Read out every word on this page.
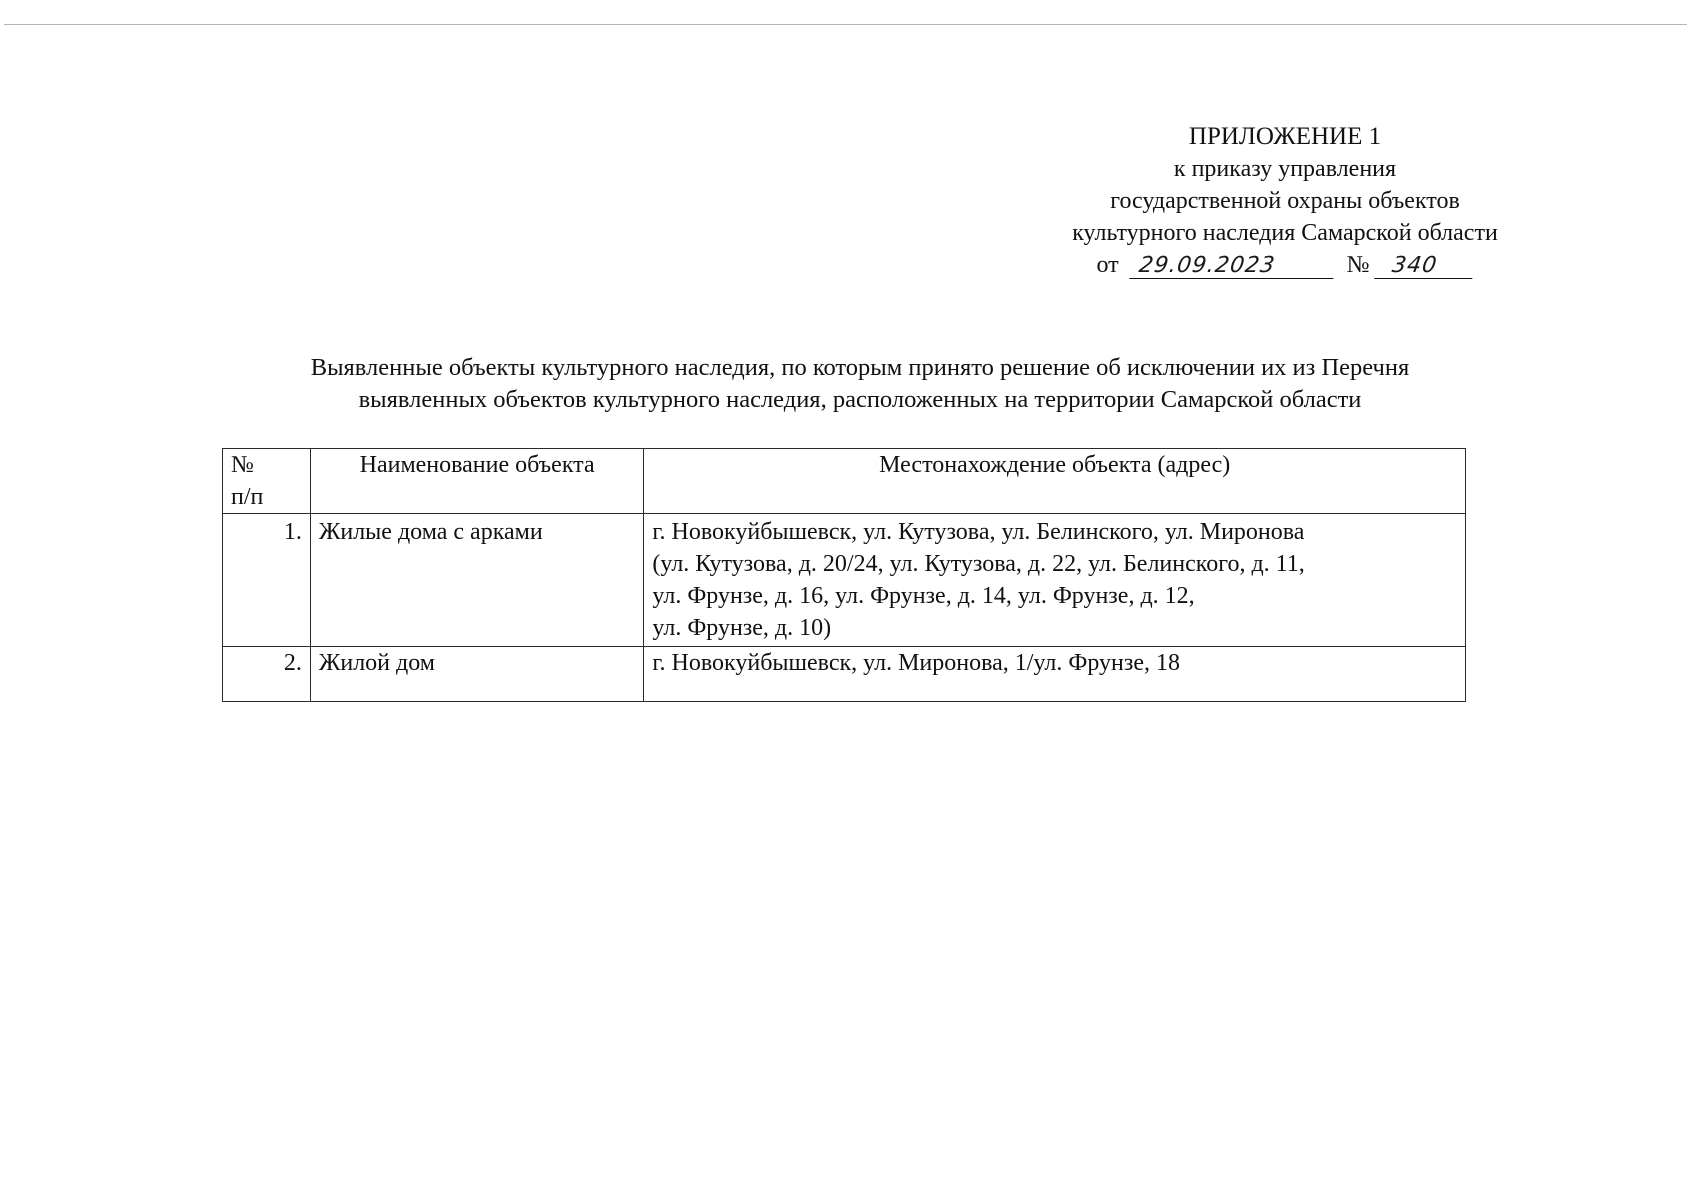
ПРИЛОЖЕНИЕ 1
к приказу управления
государственной охраны объектов
культурного наследия Самарской области
от 29.09.2023	№ 340
Выявленные объекты культурного наследия, по которым принято решение об исключении их из Перечня
выявленных объектов культурного наследия, расположенных на территории Самарской области
№
п/п	Наименование объекта	Местонахождение объекта (адрес)
1.	Жилые дома с арками	г. Новокуйбышевск, ул. Кутузова, ул. Белинского, ул. Миронова
(ул. Кутузова, д. 20/24, ул. Кутузова, д. 22, ул. Белинского, д. 11,
ул. Фрунзе, д. 16, ул. Фрунзе, д. 14, ул. Фрунзе, д. 12,
ул. Фрунзе, д. 10)

2.	Жилой дом	г. Новокуйбышевск, ул. Миронова, 1/ул. Фрунзе, 18
